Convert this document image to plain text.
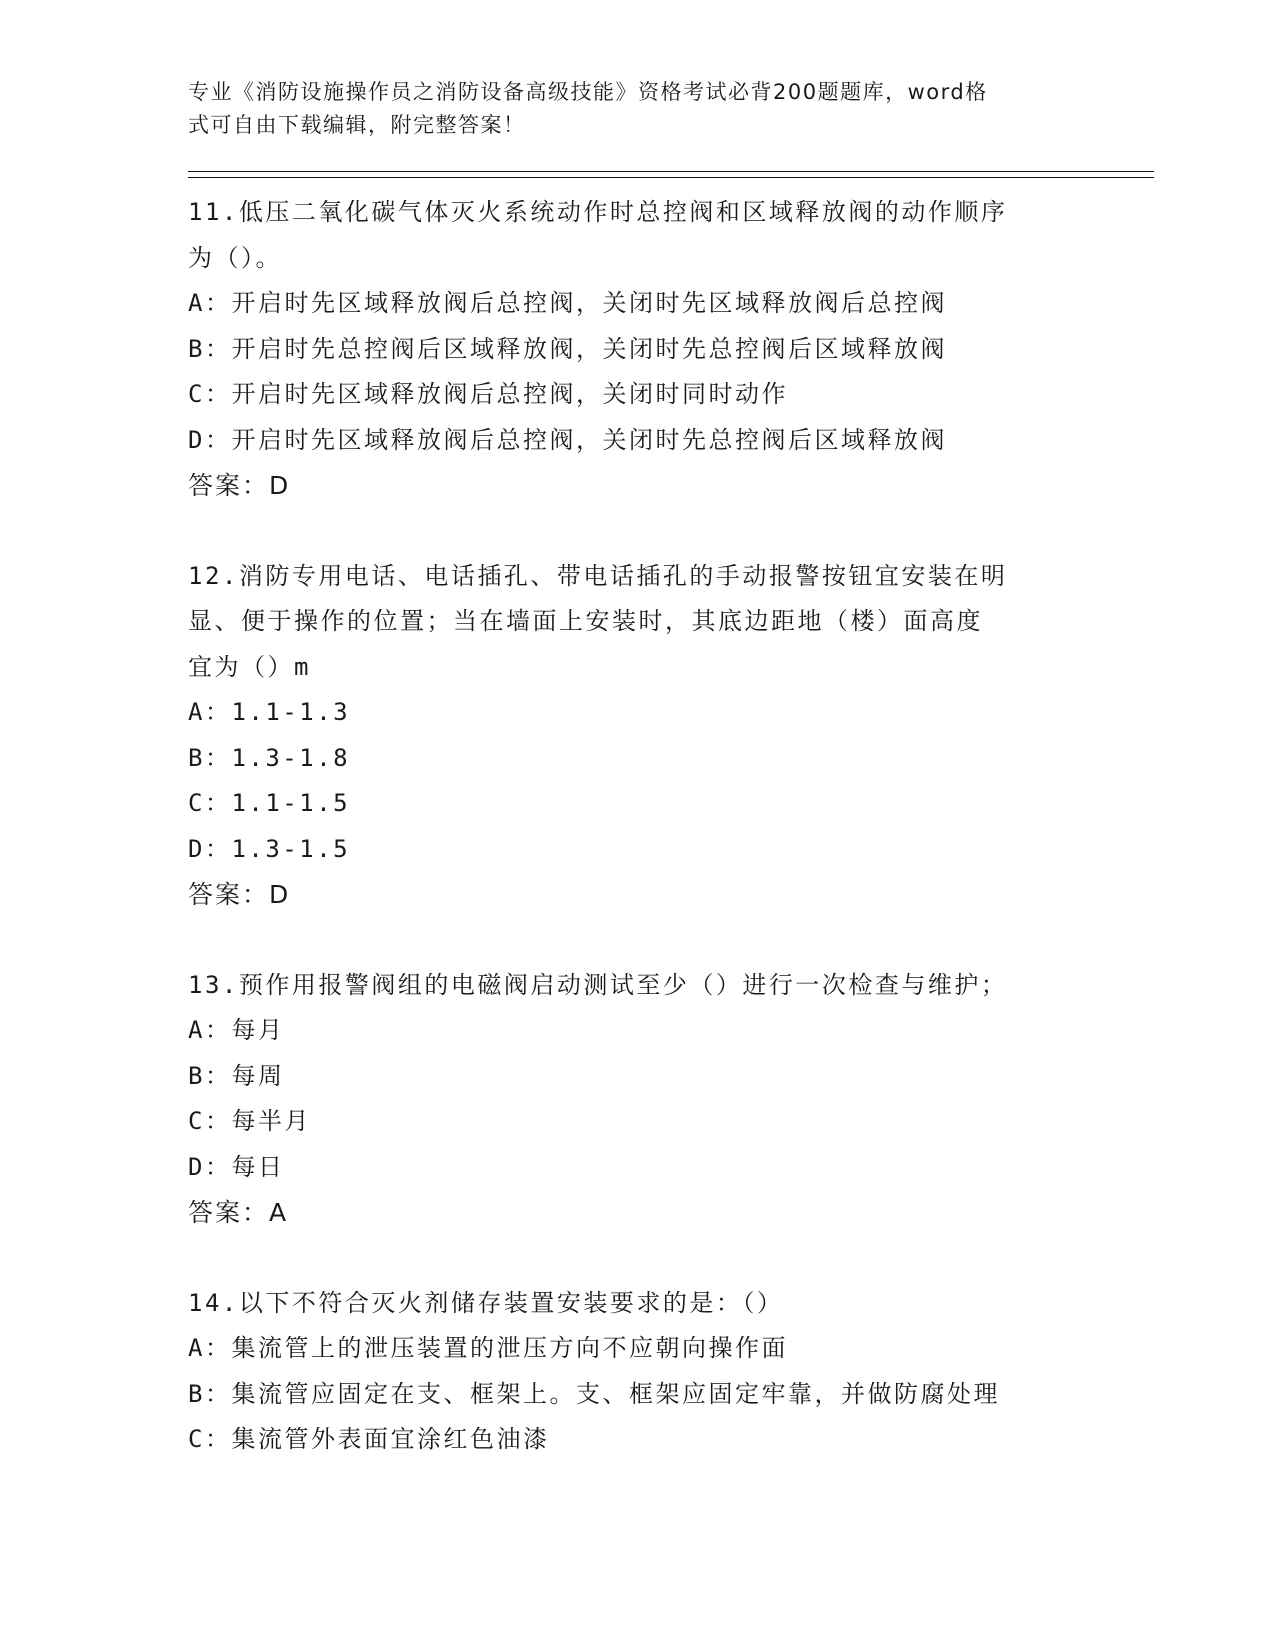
专业《消防设施操作员之消防设备高级技能》资格考试必背200题题库，word格
式可自由下载编辑，附完整答案！
11.低压二氧化碳气体灭火系统动作时总控阀和区域释放阀的动作顺序
为（）。
A：开启时先区域释放阀后总控阀，关闭时先区域释放阀后总控阀
B：开启时先总控阀后区域释放阀，关闭时先总控阀后区域释放阀
C：开启时先区域释放阀后总控阀，关闭时同时动作
D：开启时先区域释放阀后总控阀，关闭时先总控阀后区域释放阀
答案：D
12.消防专用电话、电话插孔、带电话插孔的手动报警按钮宜安装在明
显、便于操作的位置；当在墙面上安装时，其底边距地（楼）面高度
宜为（）m
A：1.1-1.3
B：1.3-1.8
C：1.1-1.5
D：1.3-1.5
答案：D
13.预作用报警阀组的电磁阀启动测试至少（）进行一次检查与维护；
A：每月
B：每周
C：每半月
D：每日
答案：A
14.以下不符合灭火剂储存装置安装要求的是：（）
A：集流管上的泄压装置的泄压方向不应朝向操作面
B：集流管应固定在支、框架上。支、框架应固定牢靠，并做防腐处理
C：集流管外表面宜涂红色油漆
